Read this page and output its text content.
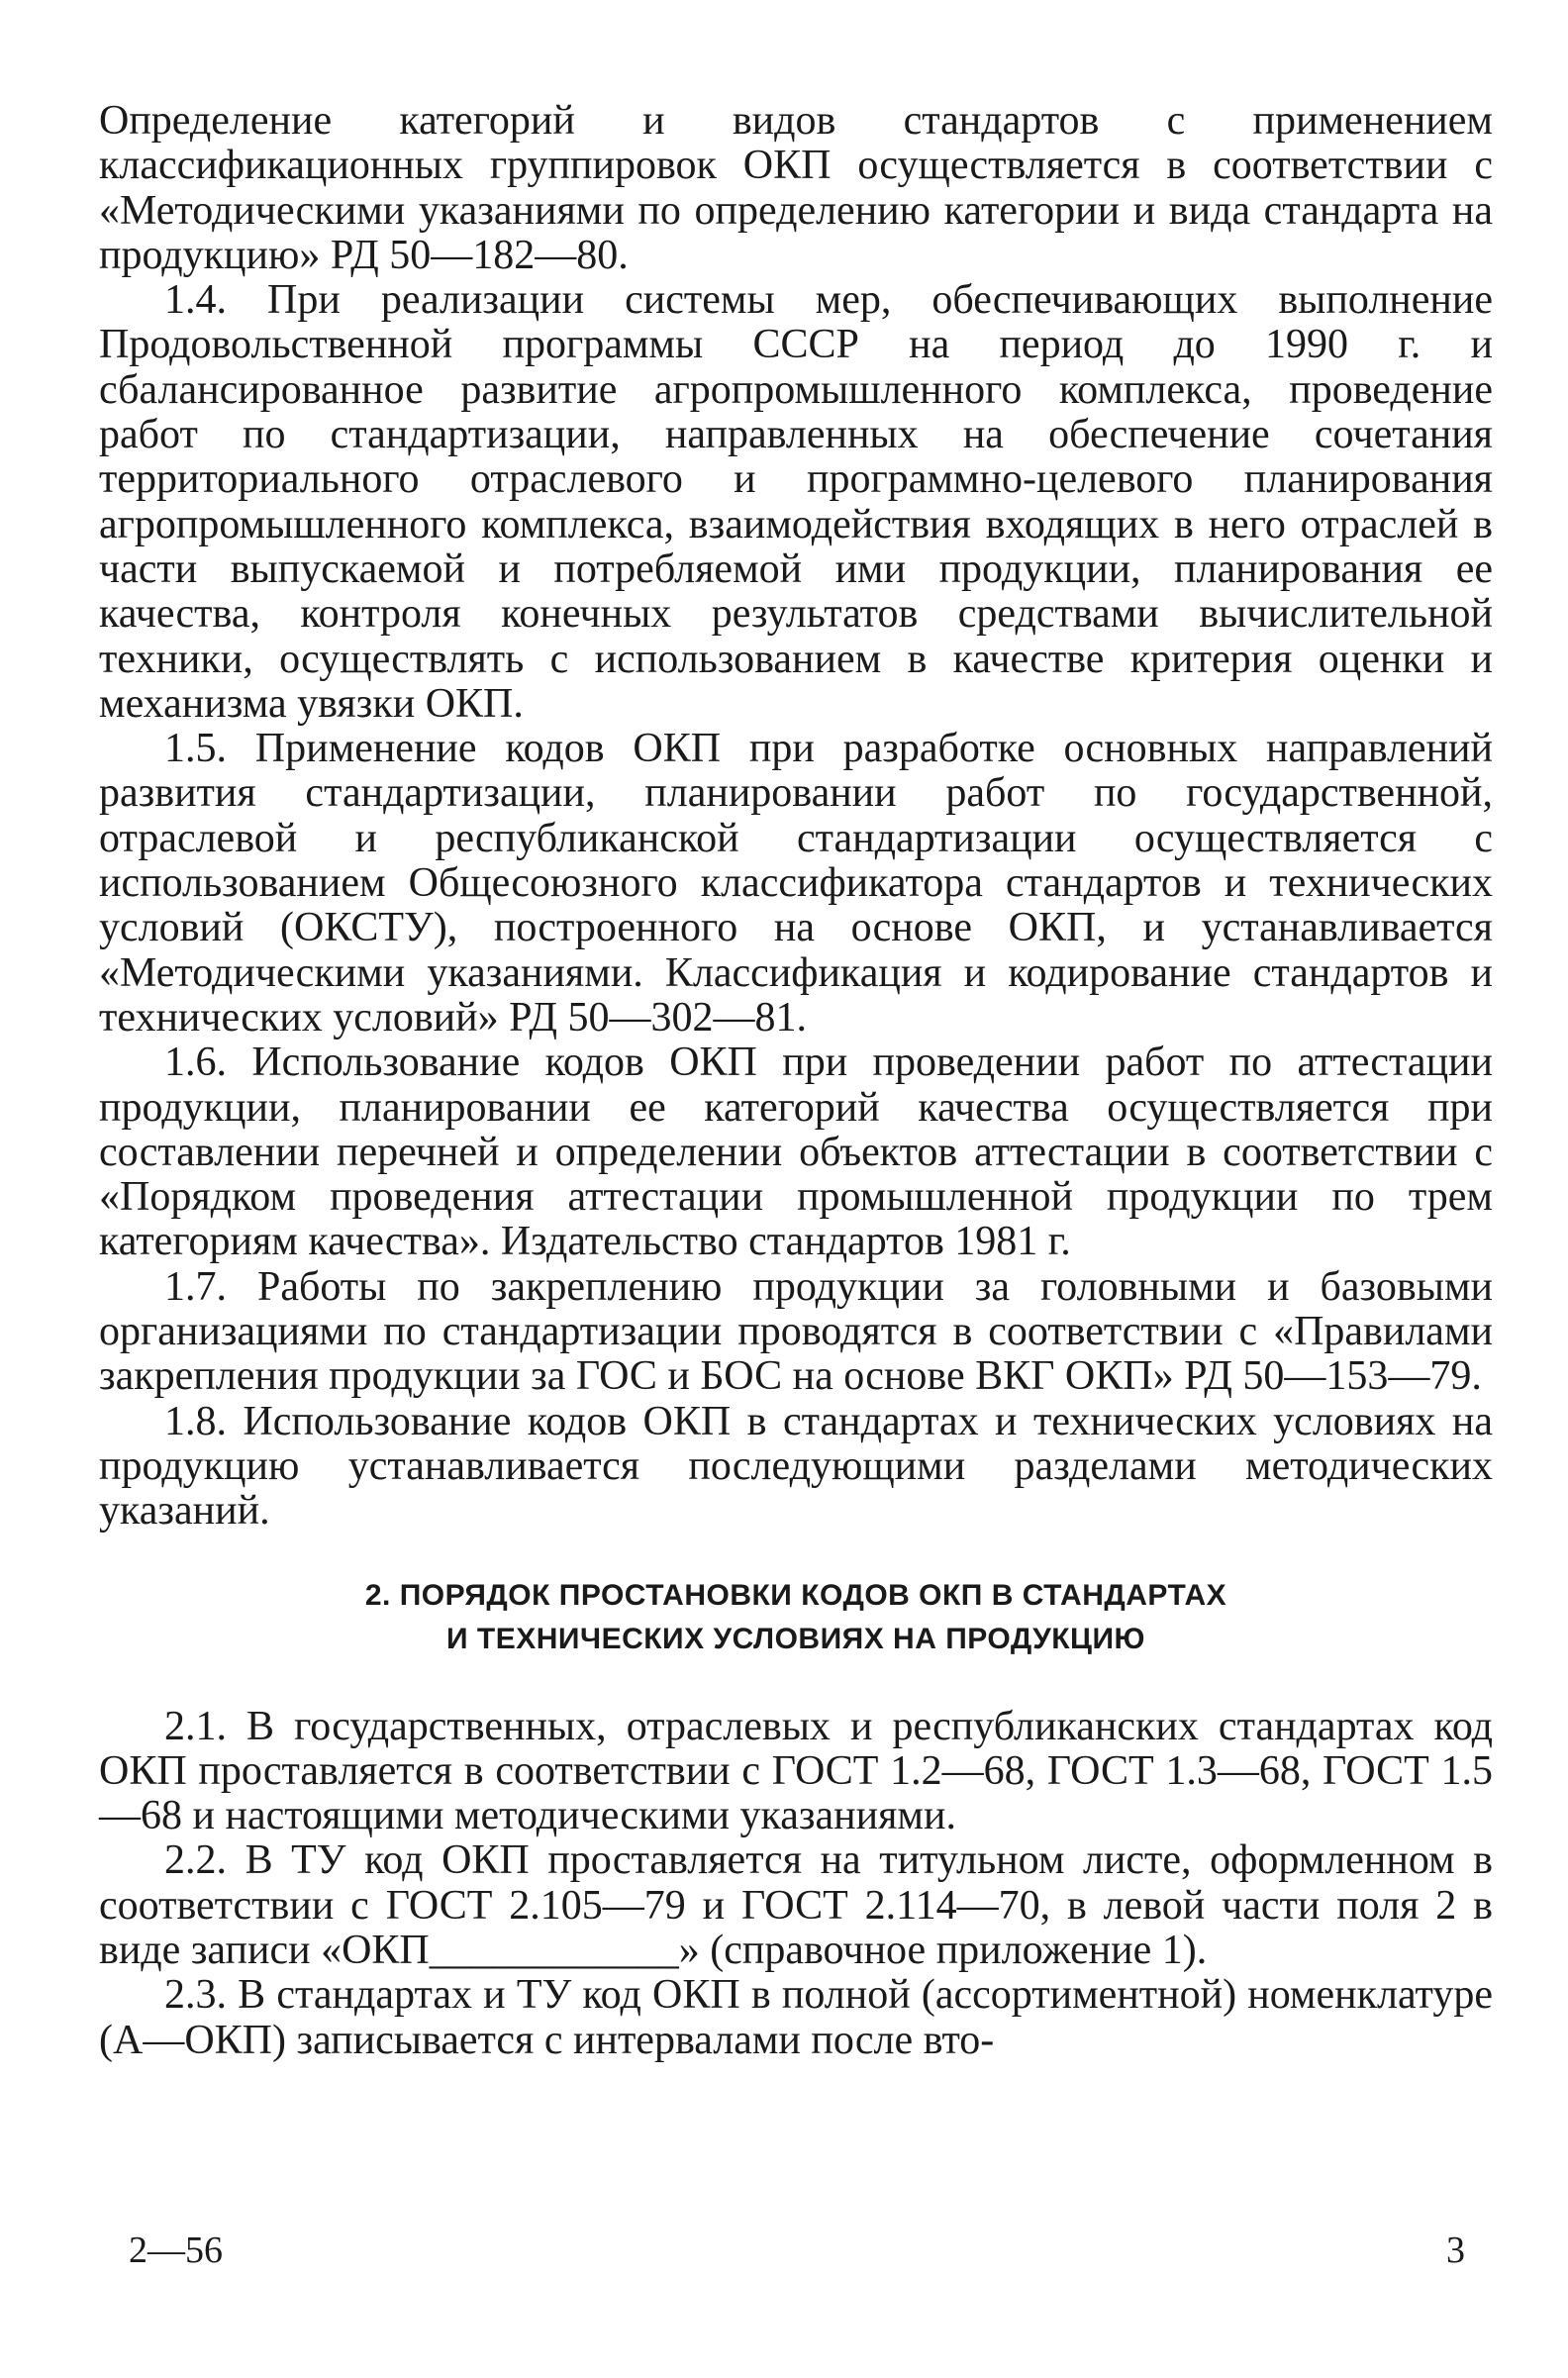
Определение категорий и видов стандартов с применением классификационных группировок ОКП осуществляется в соответствии с «Методическими указаниями по определению категории и вида стандарта на продукцию» РД 50—182—80.

1.4. При реализации системы мер, обеспечивающих выполнение Продовольственной программы СССР на период до 1990 г. и сбалансированное развитие агропромышленного комплекса, проведение работ по стандартизации, направленных на обеспечение сочетания территориального отраслевого и программно-целевого планирования агропромышленного комплекса, взаимодействия входящих в него отраслей в части выпускаемой и потребляемой ими продукции, планирования ее качества, контроля конечных результатов средствами вычислительной техники, осуществлять с использованием в качестве критерия оценки и механизма увязки ОКП.

1.5. Применение кодов ОКП при разработке основных направлений развития стандартизации, планировании работ по государственной, отраслевой и республиканской стандартизации осуществляется с использованием Общесоюзного классификатора стандартов и технических условий (ОКСТУ), построенного на основе ОКП, и устанавливается «Методическими указаниями. Классификация и кодирование стандартов и технических условий» РД 50—302—81.

1.6. Использование кодов ОКП при проведении работ по аттестации продукции, планировании ее категорий качества осуществляется при составлении перечней и определении объектов аттестации в соответствии с «Порядком проведения аттестации промышленной продукции по трем категориям качества». Издательство стандартов 1981 г.

1.7. Работы по закреплению продукции за головными и базовыми организациями по стандартизации проводятся в соответствии с «Правилами закрепления продукции за ГОС и БОС на основе ВКГ ОКП» РД 50—153—79.

1.8. Использование кодов ОКП в стандартах и технических условиях на продукцию устанавливается последующими разделами методических указаний.

2. ПОРЯДОК ПРОСТАНОВКИ КОДОВ ОКП В СТАНДАРТАХ
И ТЕХНИЧЕСКИХ УСЛОВИЯХ НА ПРОДУКЦИЮ

2.1. В государственных, отраслевых и республиканских стандартах код ОКП проставляется в соответствии с ГОСТ 1.2—68, ГОСТ 1.3—68, ГОСТ 1.5—68 и настоящими методическими указаниями.

2.2. В ТУ код ОКП проставляется на титульном листе, оформленном в соответствии с ГОСТ 2.105—79 и ГОСТ 2.114—70, в левой части поля 2 в виде записи «ОКП____________» (справочное приложение 1).

2.3. В стандартах и ТУ код ОКП в полной (ассортиментной) номенклатуре (А—ОКП) записывается с интервалами после вто-

2—56	3
